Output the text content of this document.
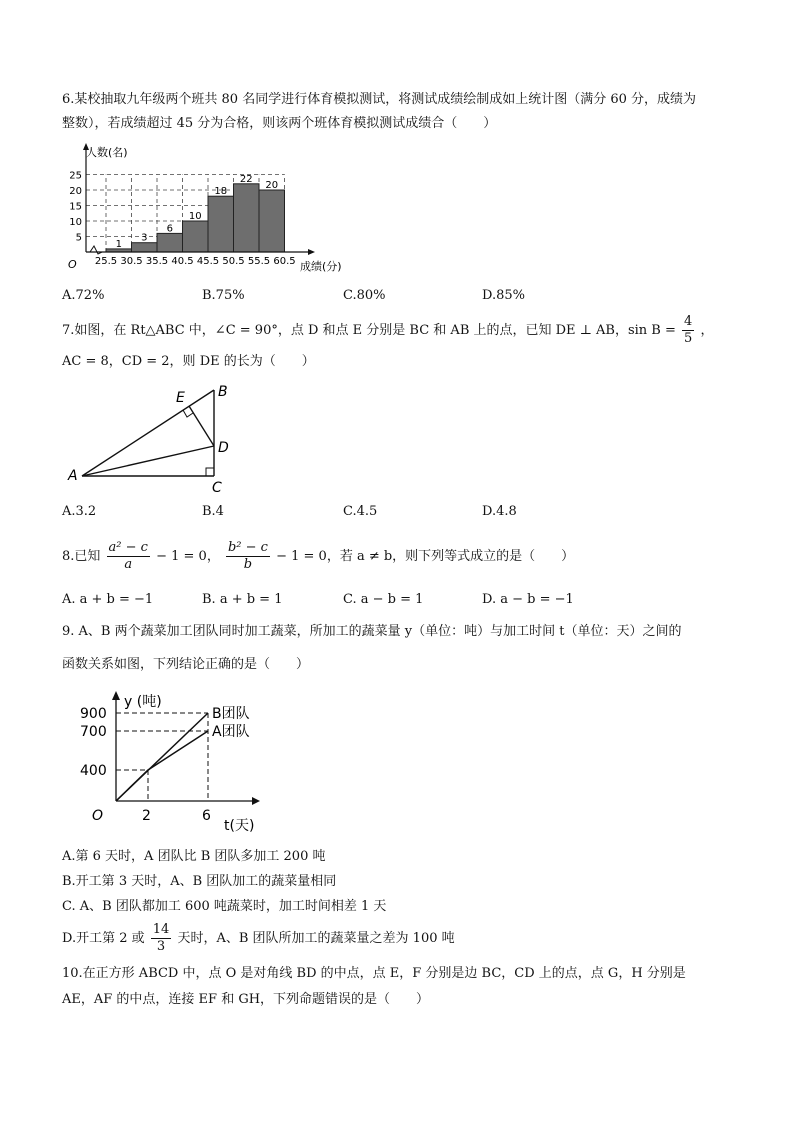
6.某校抽取九年级两个班共 80 名同学进行体育模拟测试，将测试成绩绘制成如上统计图（满分 60 分，成绩为
整数），若成绩超过 45 分为合格，则该两个班体育模拟测试成绩合（　　）
1
3
6
10
18
22
20
5
10
15
20
25
25.5 30.5 35.5 40.5 45.5 50.5 55.5 60.5
人数(名)
成绩(分)
O
A.72%	B.75%	C.80%	D.85%
7.如图，在 Rt△ABC 中，∠C = 90°，点 D 和点 E 分别是 BC 和 AB 上的点，已知 DE ⊥ AB，$\sin B = \frac{4}{5}$ ，
AC = 8，CD = 2，则 DE 的长为（　　）
A
B
C
D
E
A.3.2	B.4	C.4.5	D.4.8
8.已知 $\frac{\text{a² − c}}{a} - 1 = 0$， $\frac{\text{b² − c}}{b} - 1 = 0$，若 a ≠ b，则下列等式成立的是（　　）
A. a + b = −1	B. a + b = 1	C. a − b = 1	D. a − b = −1
9. A、B 两个蔬菜加工团队同时加工蔬菜，所加工的蔬菜量 y（单位：吨）与加工时间 t（单位：天）之间的
函数关系如图，下列结论正确的是（　　）
y (吨)
900
700
400
2	6
O
t(天)
B团队
A团队
A.第 6 天时，A 团队比 B 团队多加工 200 吨
B.开工第 3 天时，A、B 团队加工的蔬菜量相同
C. A、B 团队都加工 600 吨蔬菜时，加工时间相差 1 天
D.开工第 2 或 $\frac{14}{3}$ 天时，A、B 团队所加工的蔬菜量之差为 100 吨
10.在正方形 ABCD 中，点 O 是对角线 BD 的中点，点 E，F 分别是边 BC，CD 上的点，点 G，H 分别是
AE，AF 的中点，连接 EF 和 GH，下列命题错误的是（　　）
